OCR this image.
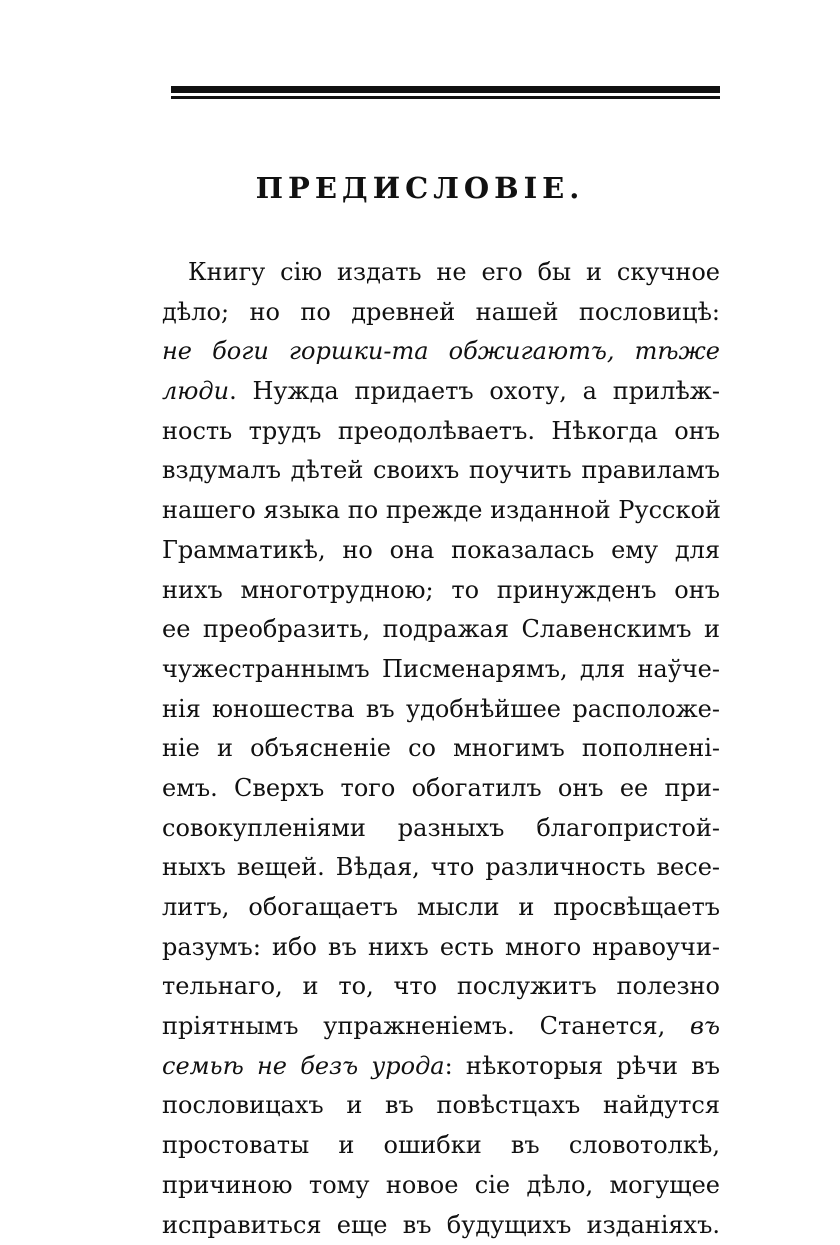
ПРЕДИСЛОВІЕ.
Книгу сію издать не его бы и скучное
дѣло; но по древней нашей пословицѣ:
не боги горшки-та обжигаютъ, тѣже
люди. Нужда придаетъ охоту, а прилѣж-
ность трудъ преодолѣваетъ. Нѣкогда онъ
вздумалъ дѣтей своихъ поучить правиламъ
нашего языка по прежде изданной Русской
Грамматикѣ, но она показалась ему для
нихъ многотрудною; то принужденъ онъ
ее преобразить, подражая Славенскимъ и
чужестраннымъ Писменарямъ, для наўче-
нія юношества въ удобнѣйшее расположе-
ніе и объясненіе со многимъ пополнені-
емъ. Сверхъ того обогатилъ онъ ее при-
совокупленіями разныхъ благопристой-
ныхъ вещей. Вѣдая, что различность весе-
литъ, обогащаетъ мысли и просвѣщаетъ
разумъ: ибо въ нихъ есть много нравоучи-
тельнаго, и то, что послужитъ полезно
пріятнымъ упражненіемъ. Станется, въ
семьѣ не безъ урода: нѣкоторыя рѣчи въ
пословицахъ и въ повѣстцахъ найдутся
простоваты и ошибки въ словотолкѣ,
причиною тому новое сіе дѣло, могущее
исправиться еще въ будущихъ изданіяхъ.
